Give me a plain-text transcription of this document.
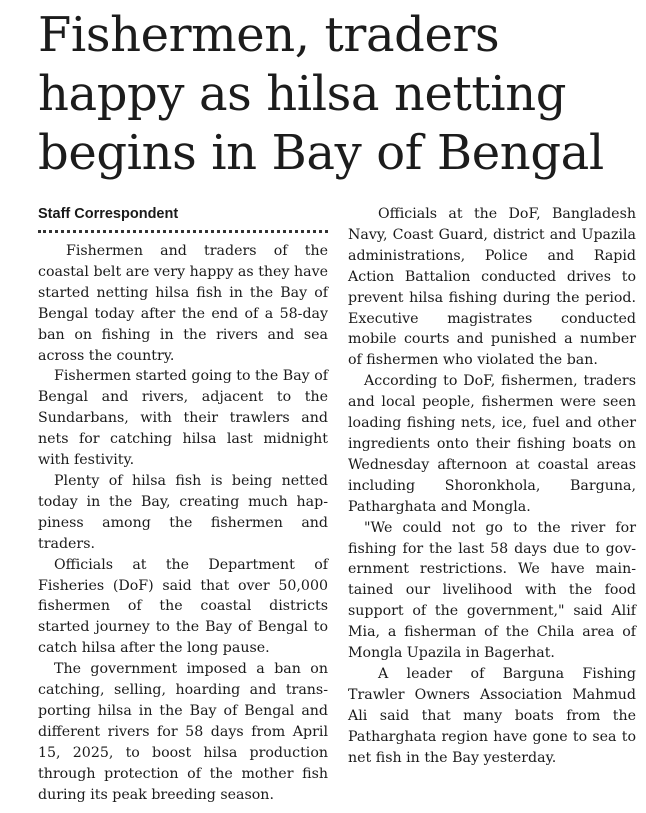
Fishermen, traders
happy as hilsa netting
begins in Bay of Bengal
Staff Correspondent

Fishermen and traders of the coastal belt are very happy as they have started netting hilsa fish in the Bay of Bengal today after the end of a 58-day ban on fishing in the rivers and sea across the country.

Fishermen started going to the Bay of Bengal and rivers, adjacent to the Sundarbans, with their trawlers and nets for catching hilsa last midnight with festivity.

Plenty of hilsa fish is being netted today in the Bay, creating much happiness among the fishermen and traders.

Officials at the Department of Fisheries (DoF) said that over 50,000 fishermen of the coastal districts started journey to the Bay of Bengal to catch hilsa after the long pause.

The government imposed a ban on catching, selling, hoarding and transporting hilsa in the Bay of Bengal and different rivers for 58 days from April 15, 2025, to boost hilsa production through protection of the mother fish during its peak breeding season.

Officials at the DoF, Bangladesh Navy, Coast Guard, district and Upazila administrations, Police and Rapid Action Battalion conducted drives to prevent hilsa fishing during the period. Executive magistrates conducted mobile courts and punished a number of fishermen who violated the ban.

According to DoF, fishermen, traders and local people, fishermen were seen loading fishing nets, ice, fuel and other ingredients onto their fishing boats on Wednesday afternoon at coastal areas including Shoronkhola, Barguna, Patharghata and Mongla.

"We could not go to the river for fishing for the last 58 days due to government restrictions. We have maintained our livelihood with the food support of the government," said Alif Mia, a fisherman of the Chila area of Mongla Upazila in Bagerhat.

A leader of Barguna Fishing Trawler Owners Association Mahmud Ali said that many boats from the Patharghata region have gone to sea to net fish in the Bay yesterday.
